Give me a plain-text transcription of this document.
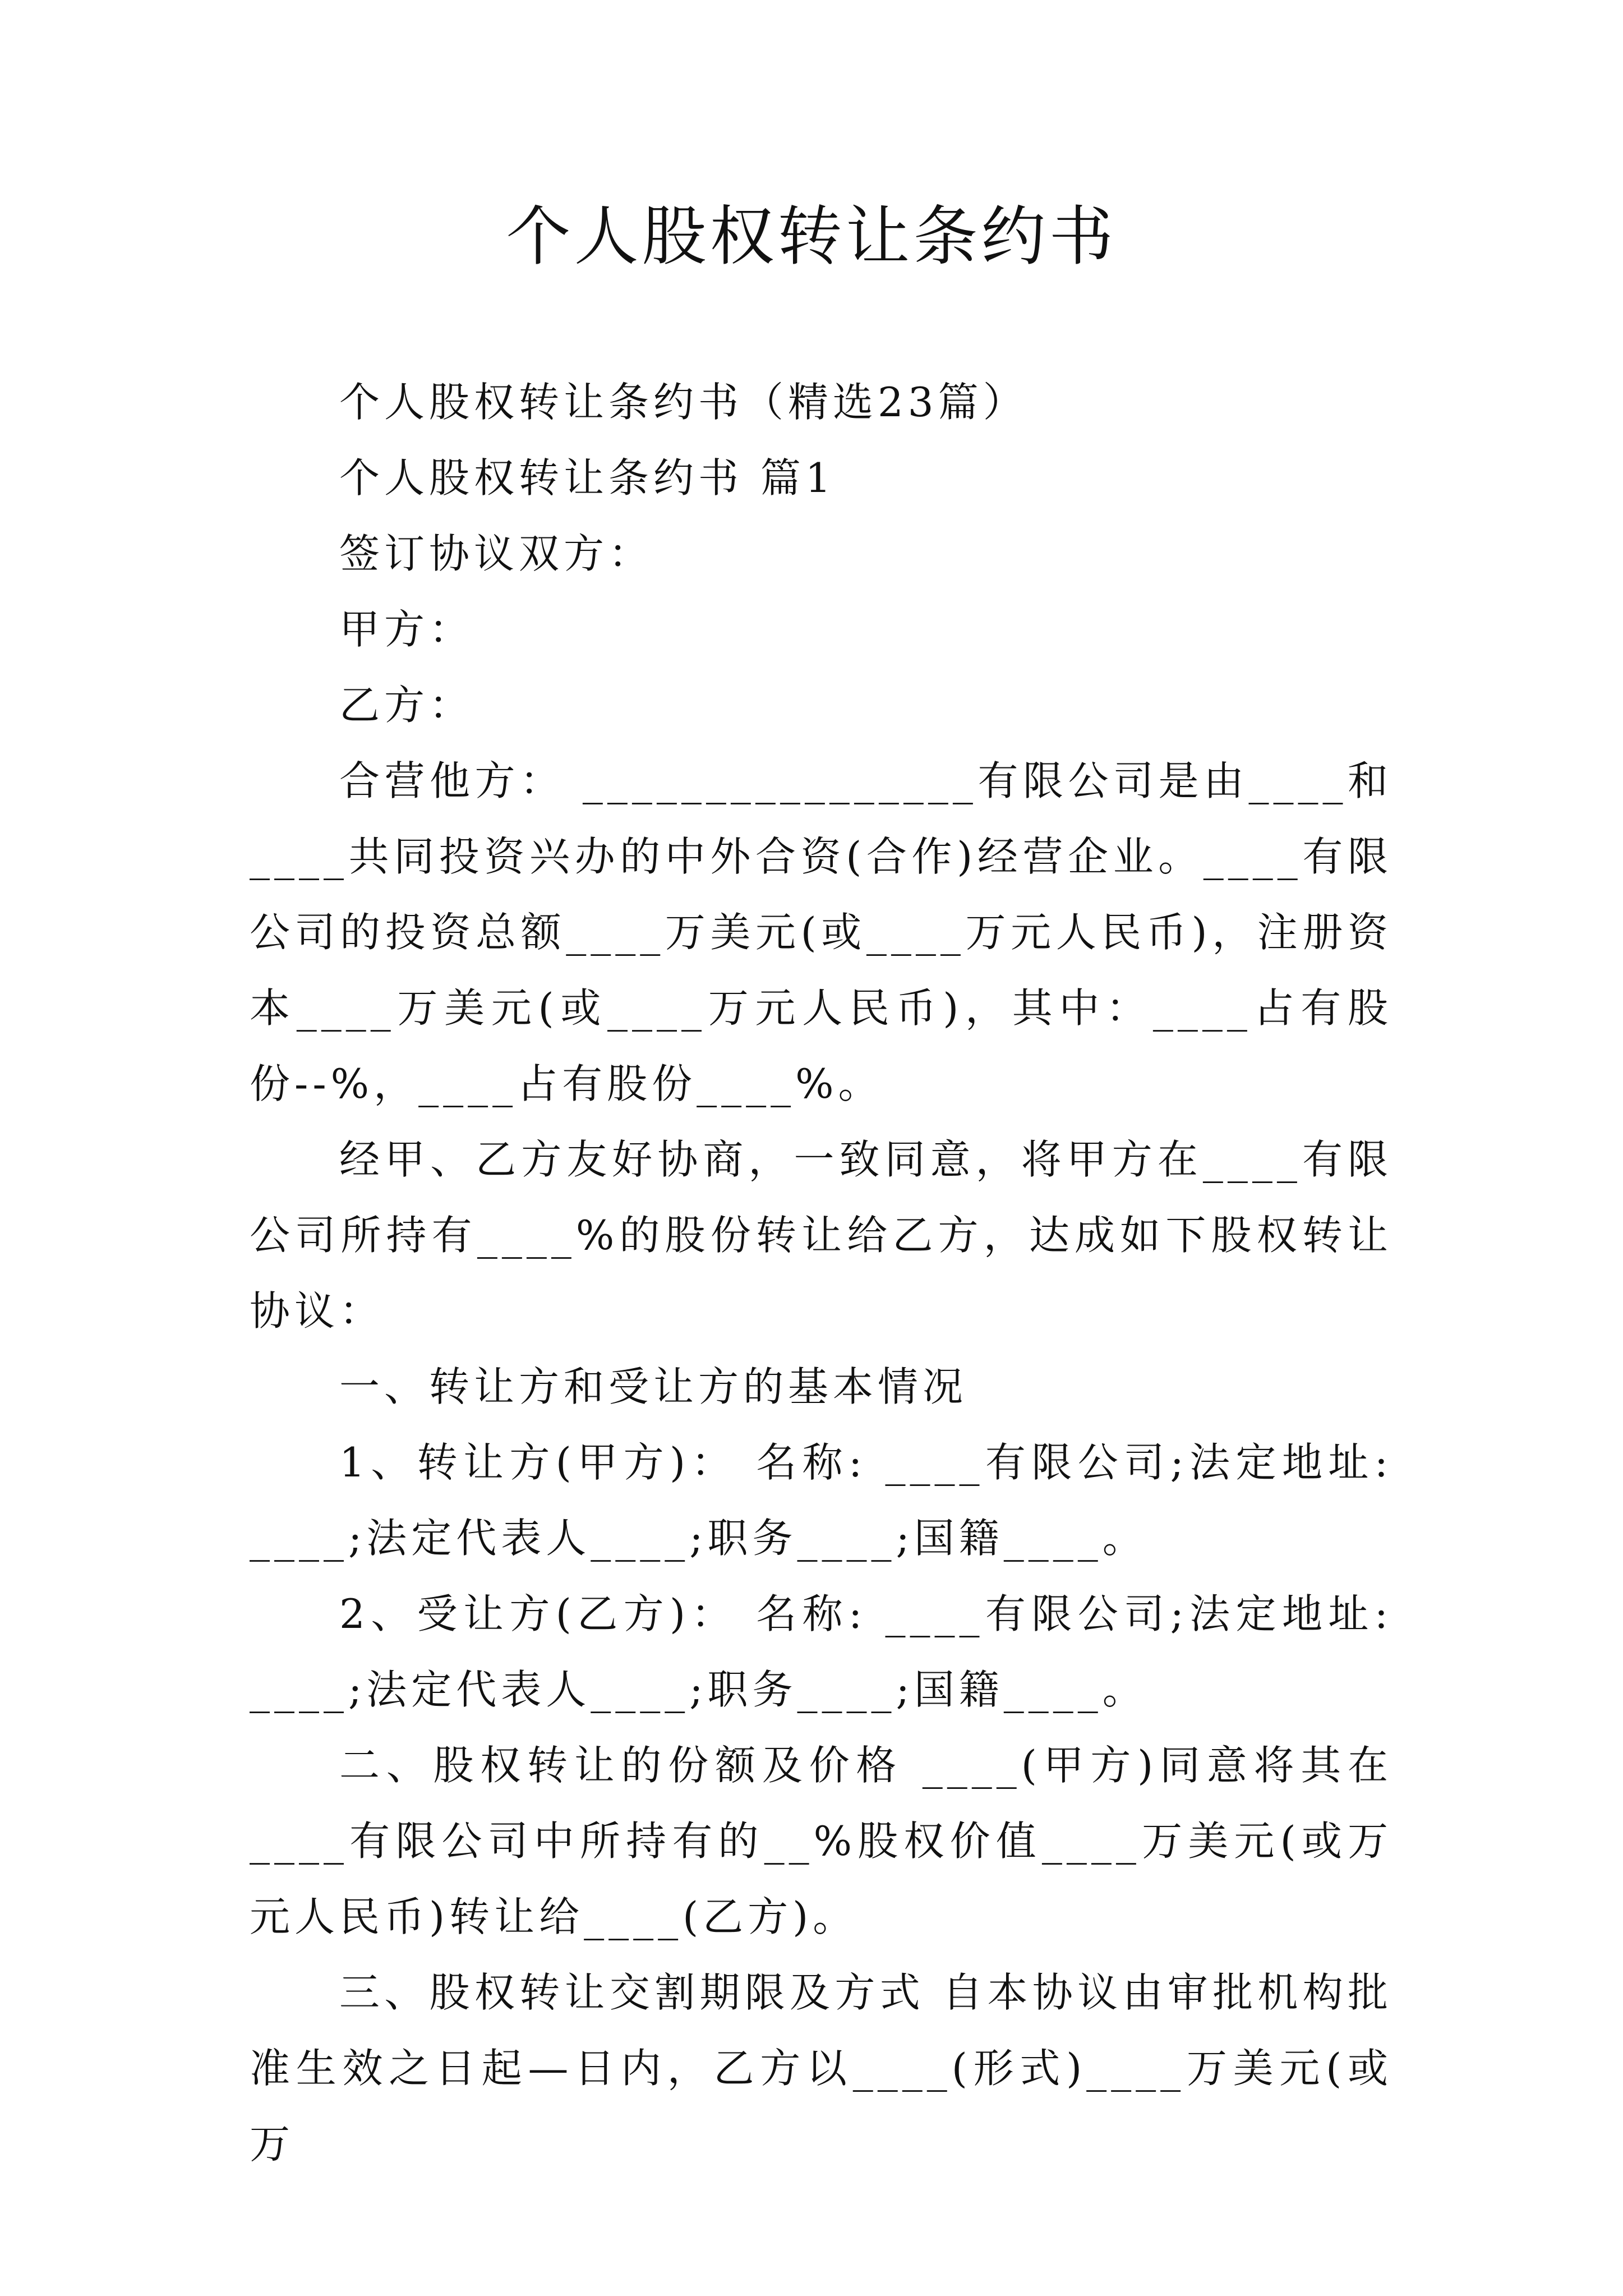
个人股权转让条约书

个人股权转让条约书（精选23篇）

个人股权转让条约书 篇1

签订协议双方：

甲方：

乙方：

合营他方： ________________有限公司是由____和____共同投资兴办的中外合资(合作)经营企业。____有限公司的投资总额____万美元(或____万元人民币)，注册资本____万美元(或____万元人民币)，其中：____占有股份--%，____占有股份____%。

经甲、乙方友好协商，一致同意，将甲方在____有限公司所持有____%的股份转让给乙方，达成如下股权转让协议：

一、转让方和受让方的基本情况

1、转让方(甲方)： 名称: ____有限公司;法定地址: ____;法定代表人____;职务____;国籍____。

2、受让方(乙方)： 名称: ____有限公司;法定地址: ____;法定代表人____;职务____;国籍____。

二、股权转让的份额及价格 ____(甲方)同意将其在____有限公司中所持有的__%股权价值____万美元(或万元人民币)转让给____(乙方)。

三、股权转让交割期限及方式 自本协议由审批机构批准生效之日起—日内，乙方以____(形式)____万美元(或万
